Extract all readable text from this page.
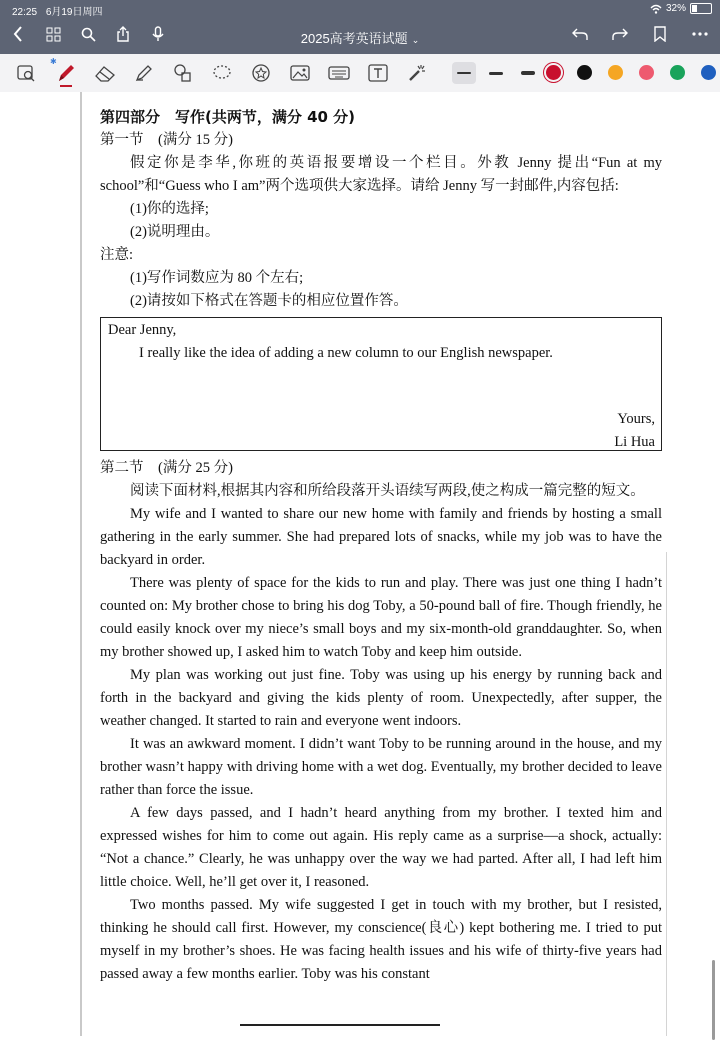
22:25 6月19日周四	32%
2025高考英语试题 ⌄
✱

第四部分　写作(共两节，满分 40 分)

第一节　(满分 15 分)

假定你是李华,你班的英语报要增设一个栏目。外教 Jenny 提出“Fun at my school”和“Guess who I am”两个选项供大家选择。请给 Jenny 写一封邮件,内容包括:

(1)你的选择;

(2)说明理由。

注意:

(1)写作词数应为 80 个左右;

(2)请按如下格式在答题卡的相应位置作答。

Dear Jenny,
I really like the idea of adding a new column to our English newspaper.
Yours,
Li Hua

第二节　(满分 25 分)

阅读下面材料,根据其内容和所给段落开头语续写两段,使之构成一篇完整的短文。

My wife and I wanted to share our new home with family and friends by hosting a small gathering in the early summer. She had prepared lots of snacks, while my job was to have the backyard in order.

There was plenty of space for the kids to run and play. There was just one thing I hadn’t counted on: My brother chose to bring his dog Toby, a 50-pound ball of fire. Though friendly, he could easily knock over my niece’s small boys and my six-month-old granddaughter. So, when my brother showed up, I asked him to watch Toby and keep him outside.

My plan was working out just fine. Toby was using up his energy by running back and forth in the backyard and giving the kids plenty of room. Unexpectedly, after supper, the weather changed. It started to rain and everyone went indoors.

It was an awkward moment. I didn’t want Toby to be running around in the house, and my brother wasn’t happy with driving home with a wet dog. Eventually, my brother decided to leave rather than force the issue.

A few days passed, and I hadn’t heard anything from my brother. I texted him and expressed wishes for him to come out again. His reply came as a surprise—a shock, actually: “Not a chance.” Clearly, he was unhappy over the way we had parted. After all, I had left him little choice. Well, he’ll get over it, I reasoned.

Two months passed. My wife suggested I get in touch with my brother, but I resisted, thinking he should call first. However, my conscience(良心) kept bothering me. I tried to put myself in my brother’s shoes. He was facing health issues and his wife of thirty-five years had passed away a few months earlier. Toby was his constant
